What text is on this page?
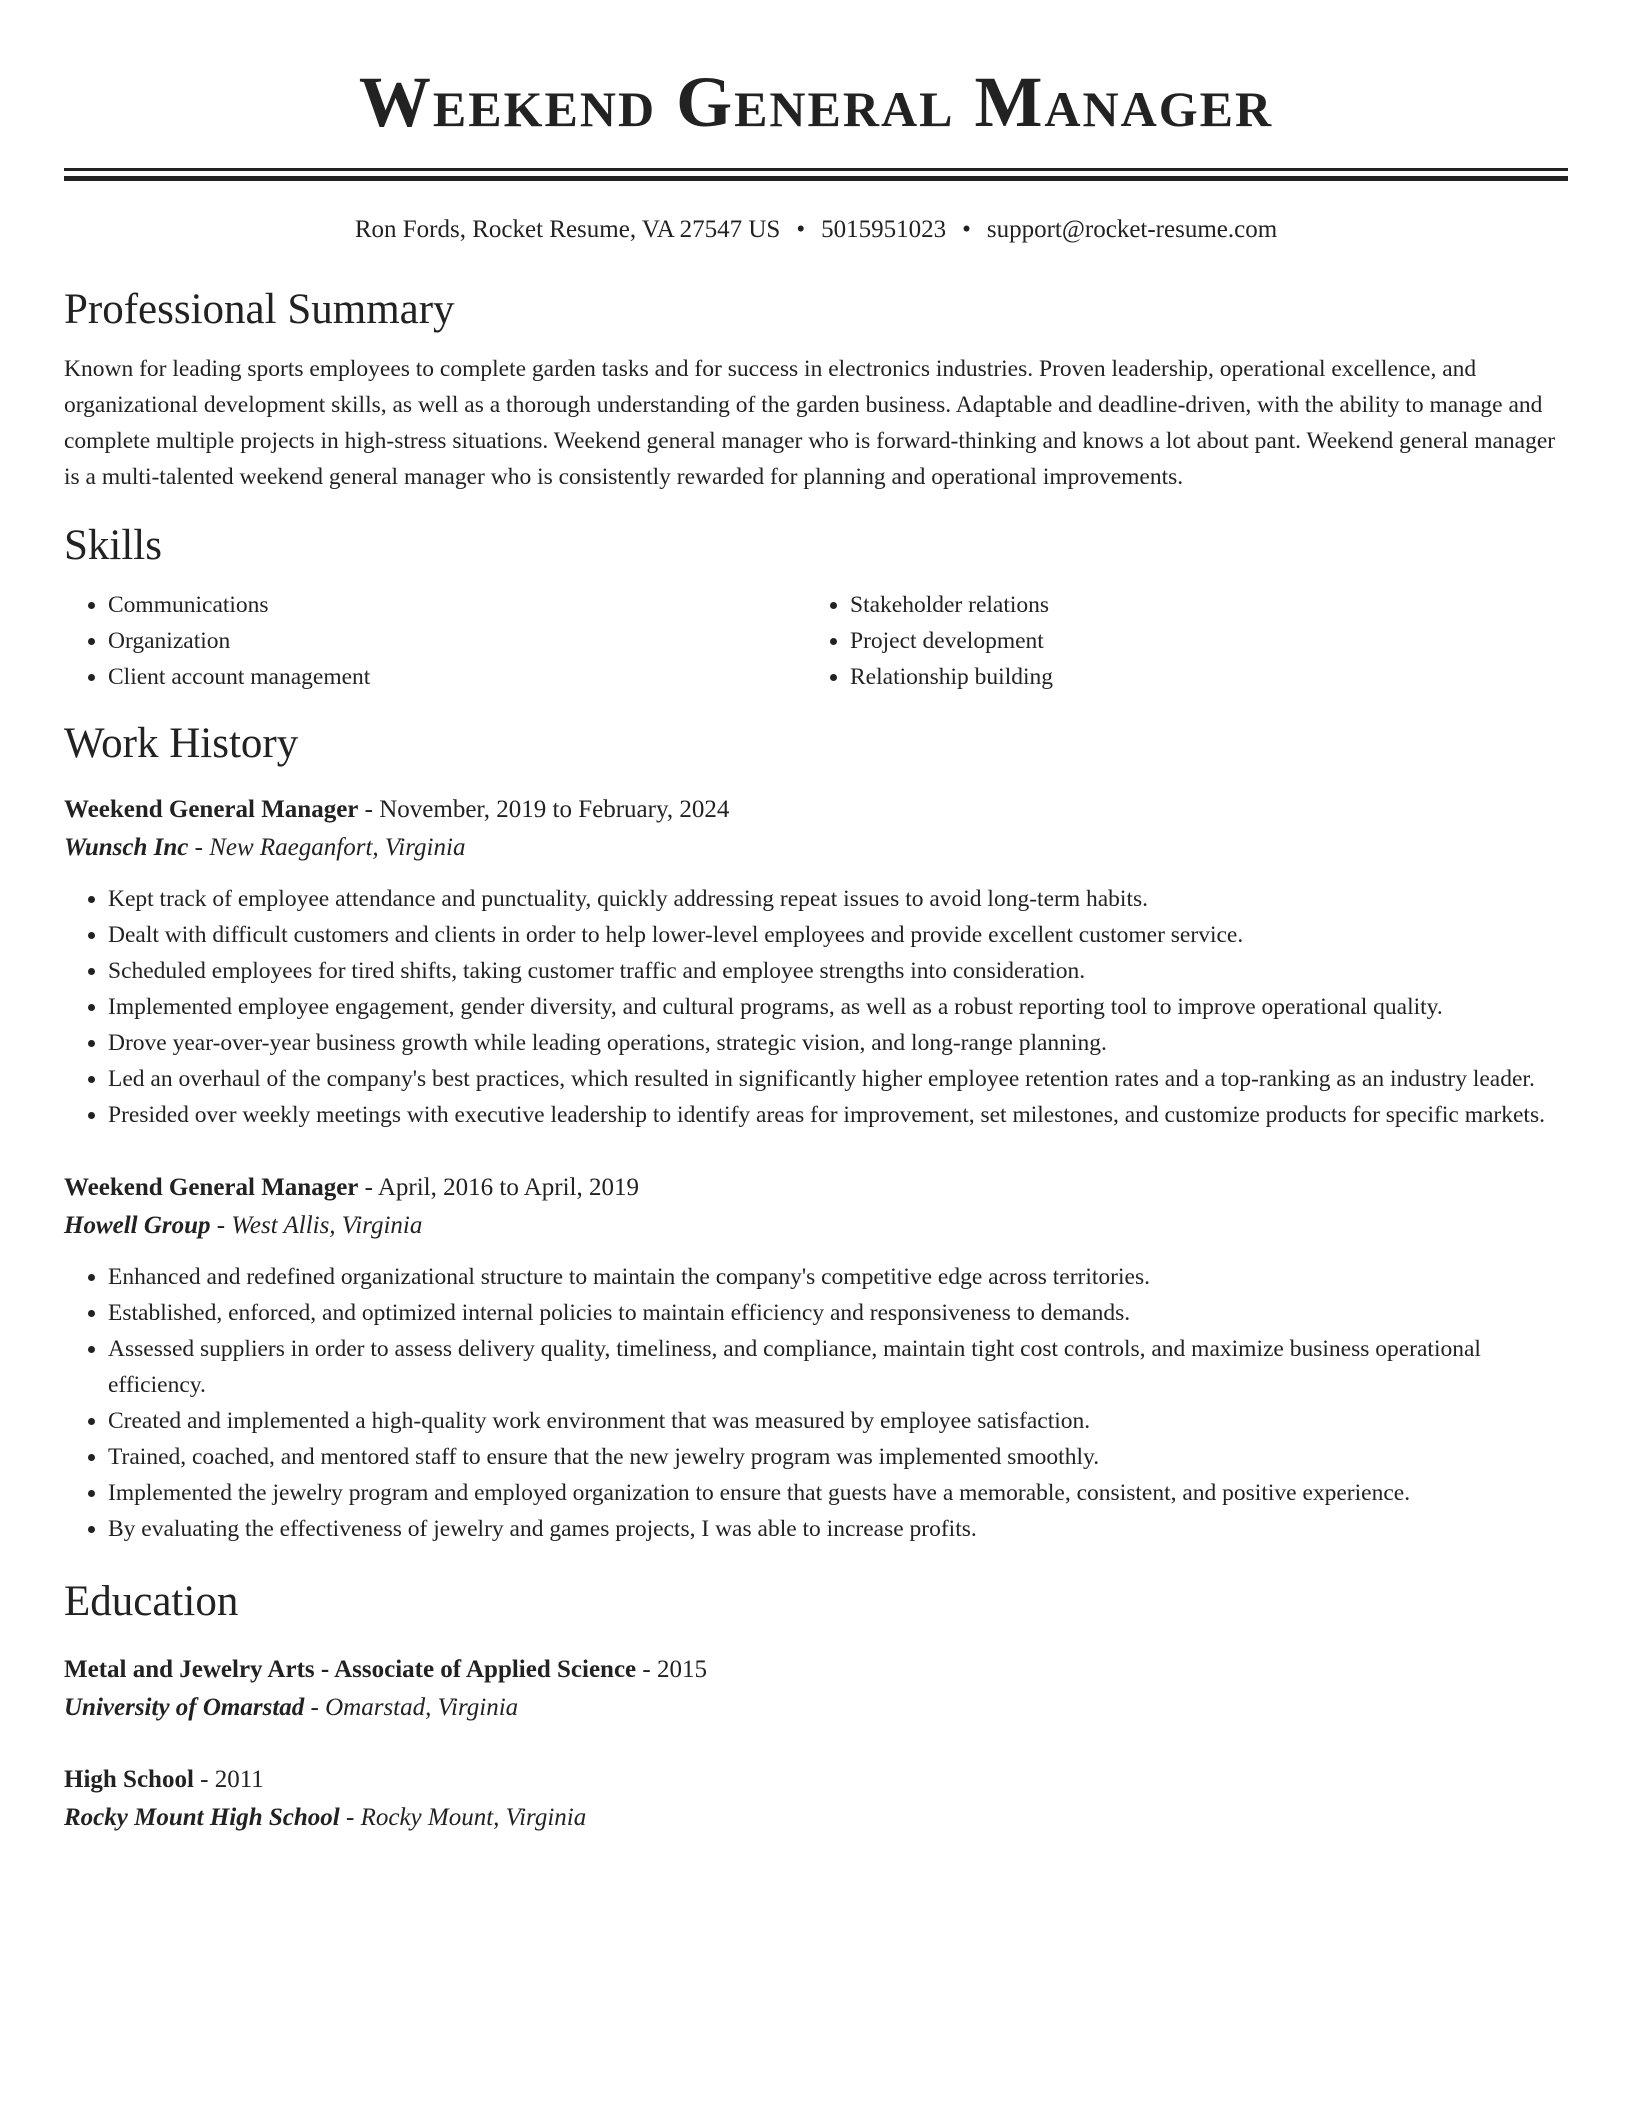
Weekend General Manager
Ron Fords, Rocket Resume, VA 27547 US • 5015951023 • support@rocket-resume.com
Professional Summary

Known for leading sports employees to complete garden tasks and for success in electronics industries. Proven leadership, operational excellence, and organizational development skills, as well as a thorough understanding of the garden business. Adaptable and deadline-driven, with the ability to manage and complete multiple projects in high-stress situations. Weekend general manager who is forward-thinking and knows a lot about pant. Weekend general manager is a multi-talented weekend general manager who is consistently rewarded for planning and operational improvements.

Skills
• Communications
• Organization
• Client account management
• Stakeholder relations
• Project development
• Relationship building
Work History
Weekend General Manager - November, 2019 to February, 2024
Wunsch Inc - New Raeganfort, Virginia
• Kept track of employee attendance and punctuality, quickly addressing repeat issues to avoid long-term habits.
• Dealt with difficult customers and clients in order to help lower-level employees and provide excellent customer service.
• Scheduled employees for tired shifts, taking customer traffic and employee strengths into consideration.
• Implemented employee engagement, gender diversity, and cultural programs, as well as a robust reporting tool to improve operational quality.
• Drove year-over-year business growth while leading operations, strategic vision, and long-range planning.
• Led an overhaul of the company's best practices, which resulted in significantly higher employee retention rates and a top-ranking as an industry leader.
• Presided over weekly meetings with executive leadership to identify areas for improvement, set milestones, and customize products for specific markets.
Weekend General Manager - April, 2016 to April, 2019
Howell Group - West Allis, Virginia
• Enhanced and redefined organizational structure to maintain the company's competitive edge across territories.
• Established, enforced, and optimized internal policies to maintain efficiency and responsiveness to demands.
• Assessed suppliers in order to assess delivery quality, timeliness, and compliance, maintain tight cost controls, and maximize business operational efficiency.
• Created and implemented a high-quality work environment that was measured by employee satisfaction.
• Trained, coached, and mentored staff to ensure that the new jewelry program was implemented smoothly.
• Implemented the jewelry program and employed organization to ensure that guests have a memorable, consistent, and positive experience.
• By evaluating the effectiveness of jewelry and games projects, I was able to increase profits.
Education
Metal and Jewelry Arts - Associate of Applied Science - 2015
University of Omarstad - Omarstad, Virginia
High School - 2011
Rocky Mount High School - Rocky Mount, Virginia
